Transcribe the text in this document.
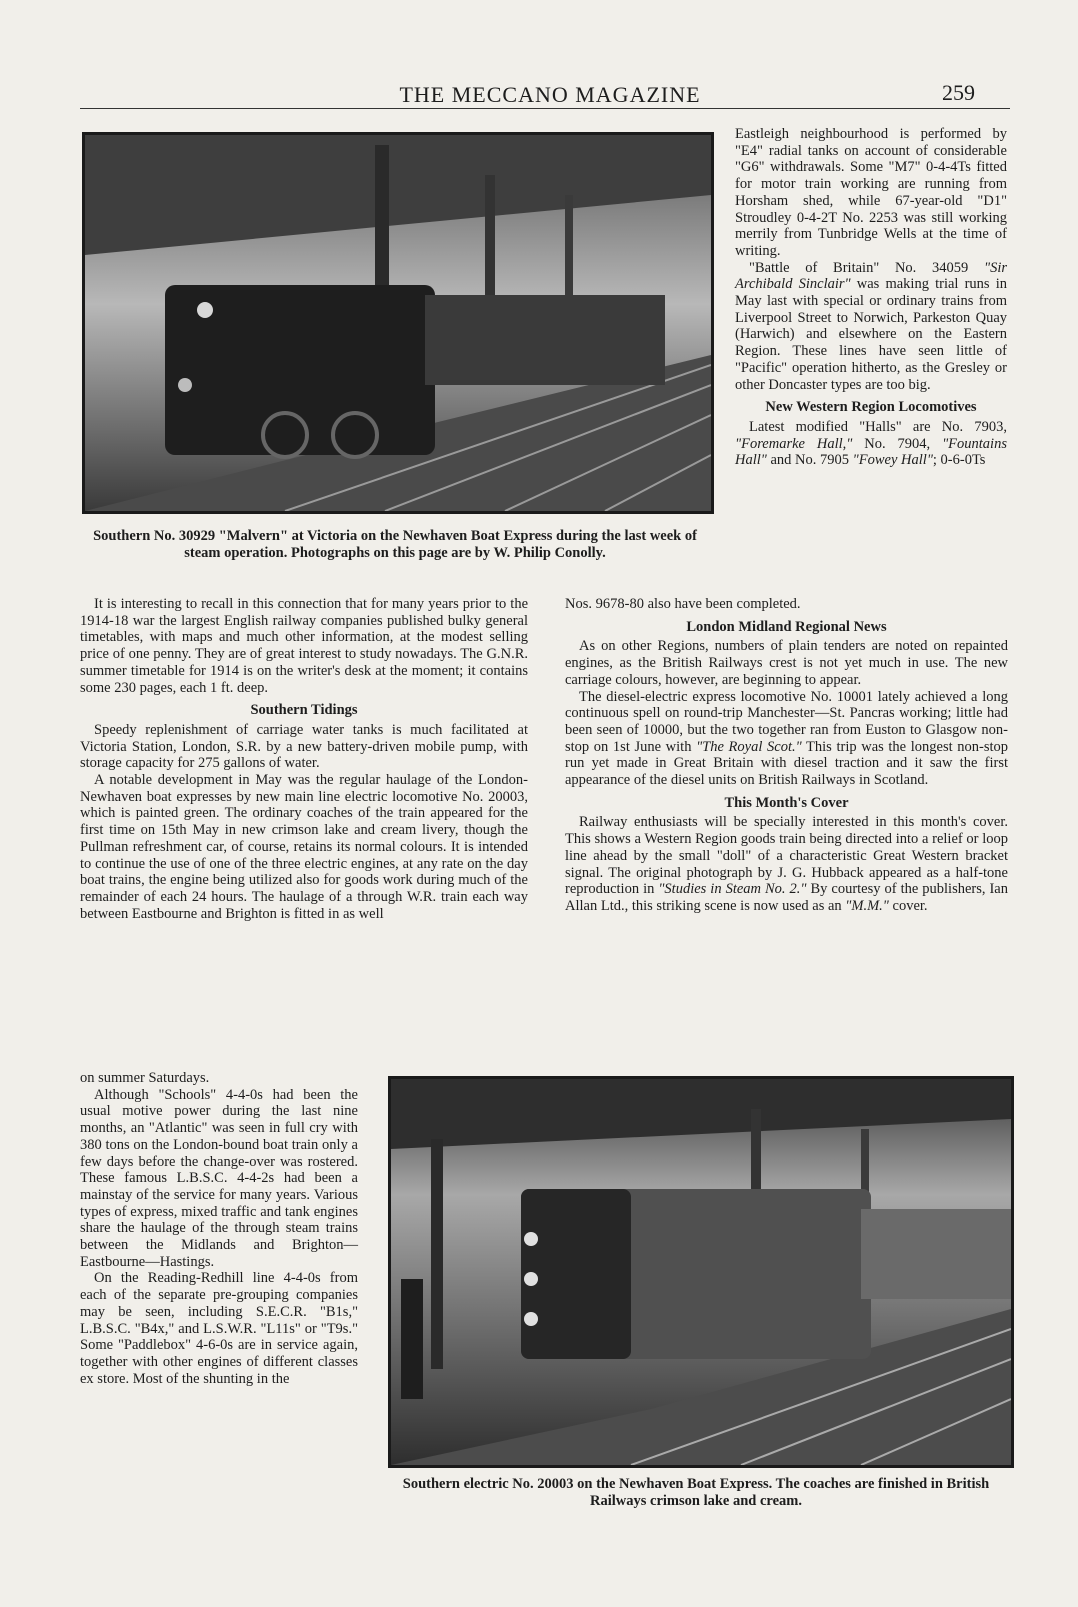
THE MECCANO MAGAZINE	259
Southern No. 30929 "Malvern" at Victoria on the Newhaven Boat Express during the last week of steam operation. Photographs on this page are by W. Philip Conolly.

Eastleigh neighbourhood is performed by "E4" radial tanks on account of considerable "G6" withdrawals. Some "M7" 0-4-4Ts fitted for motor train working are running from Horsham shed, while 67-year-old "D1" Stroudley 0-4-2T No. 2253 was still working merrily from Tunbridge Wells at the time of writing.

"Battle of Britain" No. 34059 "Sir Archibald Sinclair" was making trial runs in May last with special or ordinary trains from Liverpool Street to Norwich, Parkeston Quay (Harwich) and elsewhere on the Eastern Region. These lines have seen little of "Pacific" operation hitherto, as the Gresley or other Doncaster types are too big.

New Western Region Locomotives

Latest modified "Halls" are No. 7903, "Foremarke Hall," No. 7904, "Fountains Hall" and No. 7905 "Fowey Hall"; 0-6-0Ts

Nos. 9678-80 also have been completed.

London Midland Regional News

As on other Regions, numbers of plain tenders are noted on repainted engines, as the British Railways crest is not yet much in use. The new carriage colours, however, are beginning to appear.

The diesel-electric express locomotive No. 10001 lately achieved a long continuous spell on round-trip Manchester—St. Pancras working; little had been seen of 10000, but the two together ran from Euston to Glasgow non-stop on 1st June with "The Royal Scot." This trip was the longest non-stop run yet made in Great Britain with diesel traction and it saw the first appearance of the diesel units on British Railways in Scotland.

This Month's Cover

Railway enthusiasts will be specially interested in this month's cover. This shows a Western Region goods train being directed into a relief or loop line ahead by the small "doll" of a characteristic Great Western bracket signal. The original photograph by J. G. Hubback appeared as a half-tone reproduction in "Studies in Steam No. 2." By courtesy of the publishers, Ian Allan Ltd., this striking scene is now used as an "M.M." cover.

It is interesting to recall in this connection that for many years prior to the 1914-18 war the largest English railway companies published bulky general timetables, with maps and much other information, at the modest selling price of one penny. They are of great interest to study nowadays. The G.N.R. summer timetable for 1914 is on the writer's desk at the moment; it contains some 230 pages, each 1 ft. deep.

Southern Tidings

Speedy replenishment of carriage water tanks is much facilitated at Victoria Station, London, S.R. by a new battery-driven mobile pump, with storage capacity for 275 gallons of water.

A notable development in May was the regular haulage of the London-Newhaven boat expresses by new main line electric locomotive No. 20003, which is painted green. The ordinary coaches of the train appeared for the first time on 15th May in new crimson lake and cream livery, though the Pullman refreshment car, of course, retains its normal colours. It is intended to continue the use of one of the three electric engines, at any rate on the day boat trains, the engine being utilized also for goods work during much of the remainder of each 24 hours. The haulage of a through W.R. train each way between Eastbourne and Brighton is fitted in as well

on summer Saturdays.

Although "Schools" 4-4-0s had been the usual motive power during the last nine months, an "Atlantic" was seen in full cry with 380 tons on the London-bound boat train only a few days before the change-over was rostered. These famous L.B.S.C. 4-4-2s had been a mainstay of the service for many years. Various types of express, mixed traffic and tank engines share the haulage of the through steam trains between the Midlands and Brighton—Eastbourne—Hastings.

On the Reading-Redhill line 4-4-0s from each of the separate pre-grouping companies may be seen, including S.E.C.R. "B1s," L.B.S.C. "B4x," and L.S.W.R. "L11s" or "T9s." Some "Paddlebox" 4-6-0s are in service again, together with other engines of different classes ex store. Most of the shunting in the

Southern electric No. 20003 on the Newhaven Boat Express. The coaches are finished in British Railways crimson lake and cream.
